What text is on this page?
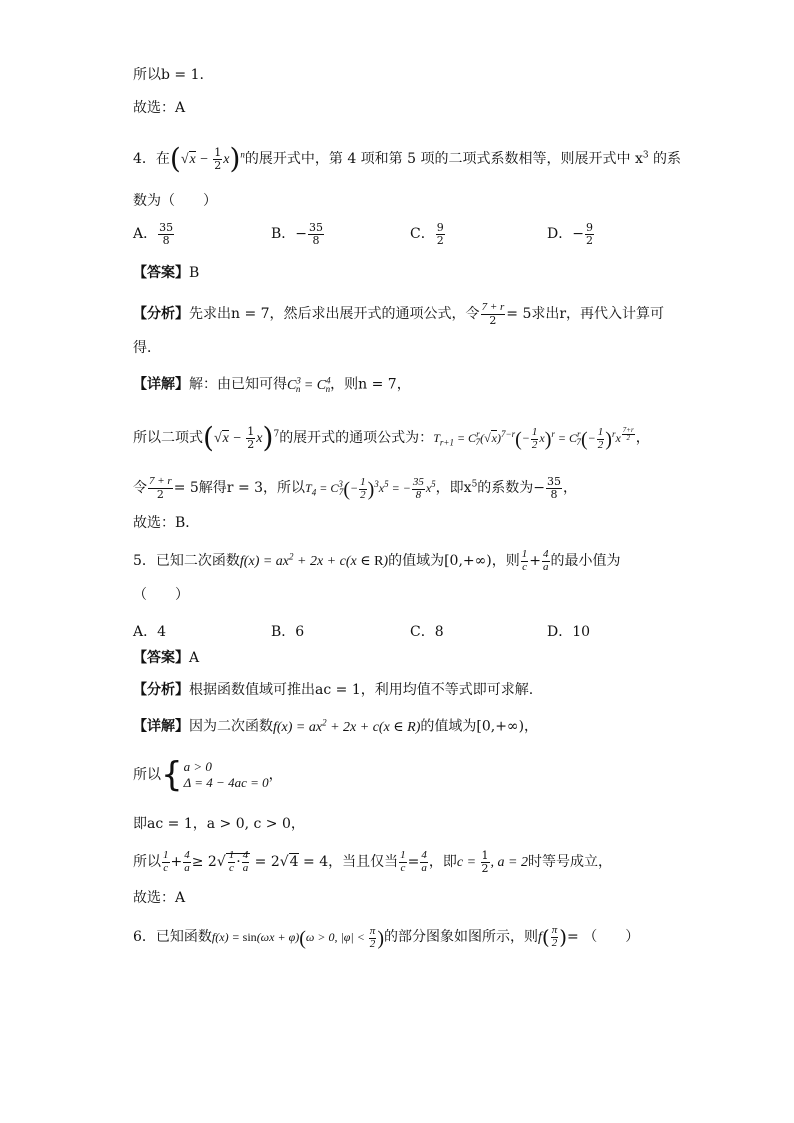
所以b = 1.
故选：A
4．在$(√x - \frac{1}{2} x)^n$的展开式中，第 4 项和第 5 项的二项式系数相等，则展开式中 $x^3$ 的系
数为（　　）
A． $\frac{35}{8}$	B．− $\frac{35}{8}$	C． $\frac{9}{2}$	D．− $\frac{9}{2}$
【答案】B
【分析】先求出n = 7，然后求出展开式的通项公式，令 $\frac{7 + r}{2} = 5$求出r，再代入计算可
得．
【详解】解：由已知可得$C^3_n = C^4_n$，则n = 7，
所以二项式$(√x - \frac{1}{2} x)^7$的展开式的通项公式为：$T_{r+1} = C^r_7(√x)^{7-r}(- \frac{1}{2} x)^r = C^r_7(- \frac{1}{2} )^rx$ $^{\frac{7+r}{2}}$ ，
令 $\frac{7 + r}{2} = 5$解得r = 3，所以$T_4 = C^3_7(- \frac{1}{2} )^3x^5$ = − $\frac{35}{8} x^5$，即$x^5$的系数为− $\frac{35}{8}$ ，
故选：B．
5．已知二次函数$f(x) = ax^2 + 2x + c(x$ ∈ R)的值域为[0,+∞)，则 $\frac{1}{c} + \frac{4}{a}$ 的最小值为
（　　）
A．4	B．6	C．8	D．10
【答案】A
【分析】根据函数值域可推出ac = 1，利用均值不等式即可求解.
【详解】因为二次函数$f(x) = ax^2 + 2x + c(x$ ∈ R)的值域为[0,+∞)，
所以 { a > 0
Δ = 4 − 4ac = 0 ，
即ac = 1，a > 0, c > 0，
所以 $\frac{1}{c} + \frac{4}{a} \ge 2√ \frac{1}{c} \cdot \frac{4}{a} = 2√4 = 4$，当且仅当 $\frac{1}{c} = \frac{4}{a}$ ，即$c = \frac{1}{2}$ , a = 2时等号成立，
故选：A
6．已知函数f(x) = sin(ωx + φ)(ω > 0, $|\varphi| < \frac{\pi}{2}$ )的部分图象如图所示，则$f( \frac{\pi}{2}$ )= （　　）
